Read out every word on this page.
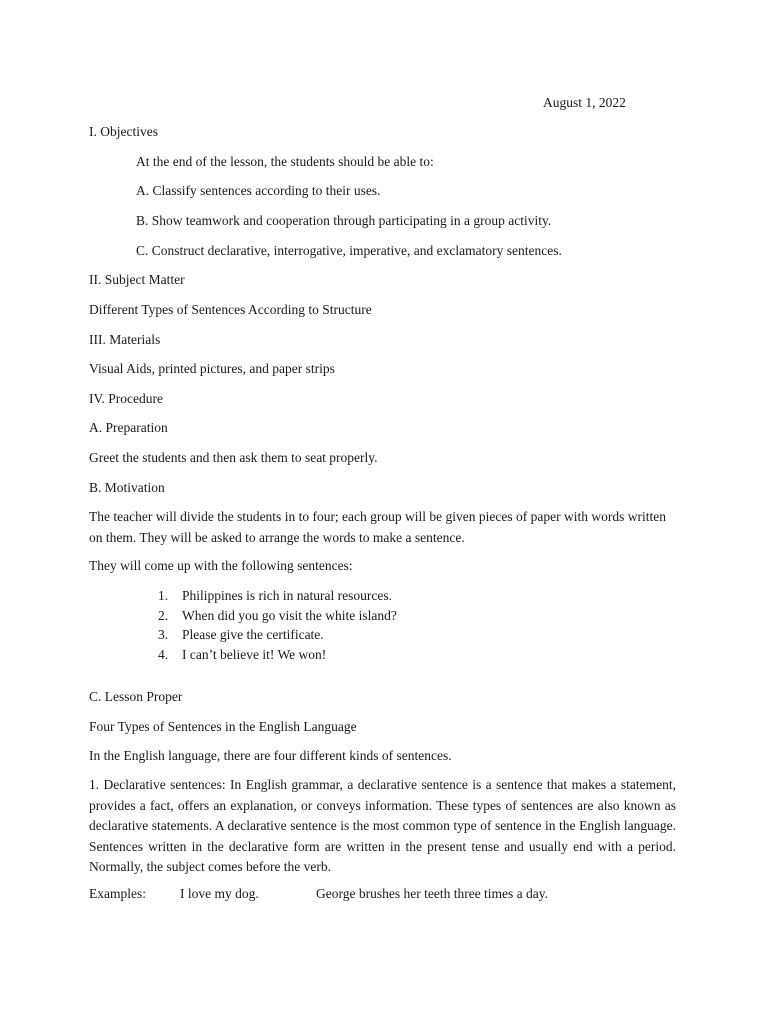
August 1, 2022
I. Objectives
At the end of the lesson, the students should be able to:
A. Classify sentences according to their uses.
B. Show teamwork and cooperation through participating in a group activity.
C. Construct declarative, interrogative, imperative, and exclamatory sentences.
II. Subject Matter
Different Types of Sentences According to Structure
III. Materials
Visual Aids, printed pictures, and paper strips
IV. Procedure
A. Preparation
Greet the students and then ask them to seat properly.
B. Motivation
The teacher will divide the students in to four; each group will be given pieces of paper with words written on them. They will be asked to arrange the words to make a sentence.
They will come up with the following sentences:
1. Philippines is rich in natural resources.
2. When did you go visit the white island?
3. Please give the certificate.
4. I can’t believe it! We won!
C. Lesson Proper
Four Types of Sentences in the English Language
In the English language, there are four different kinds of sentences.
1. Declarative sentences: In English grammar, a declarative sentence is a sentence that makes a statement, provides a fact, offers an explanation, or conveys information. These types of sentences are also known as declarative statements. A declarative sentence is the most common type of sentence in the English language. Sentences written in the declarative form are written in the present tense and usually end with a period. Normally, the subject comes before the verb.
Examples:	I love my dog.	George brushes her teeth three times a day.
